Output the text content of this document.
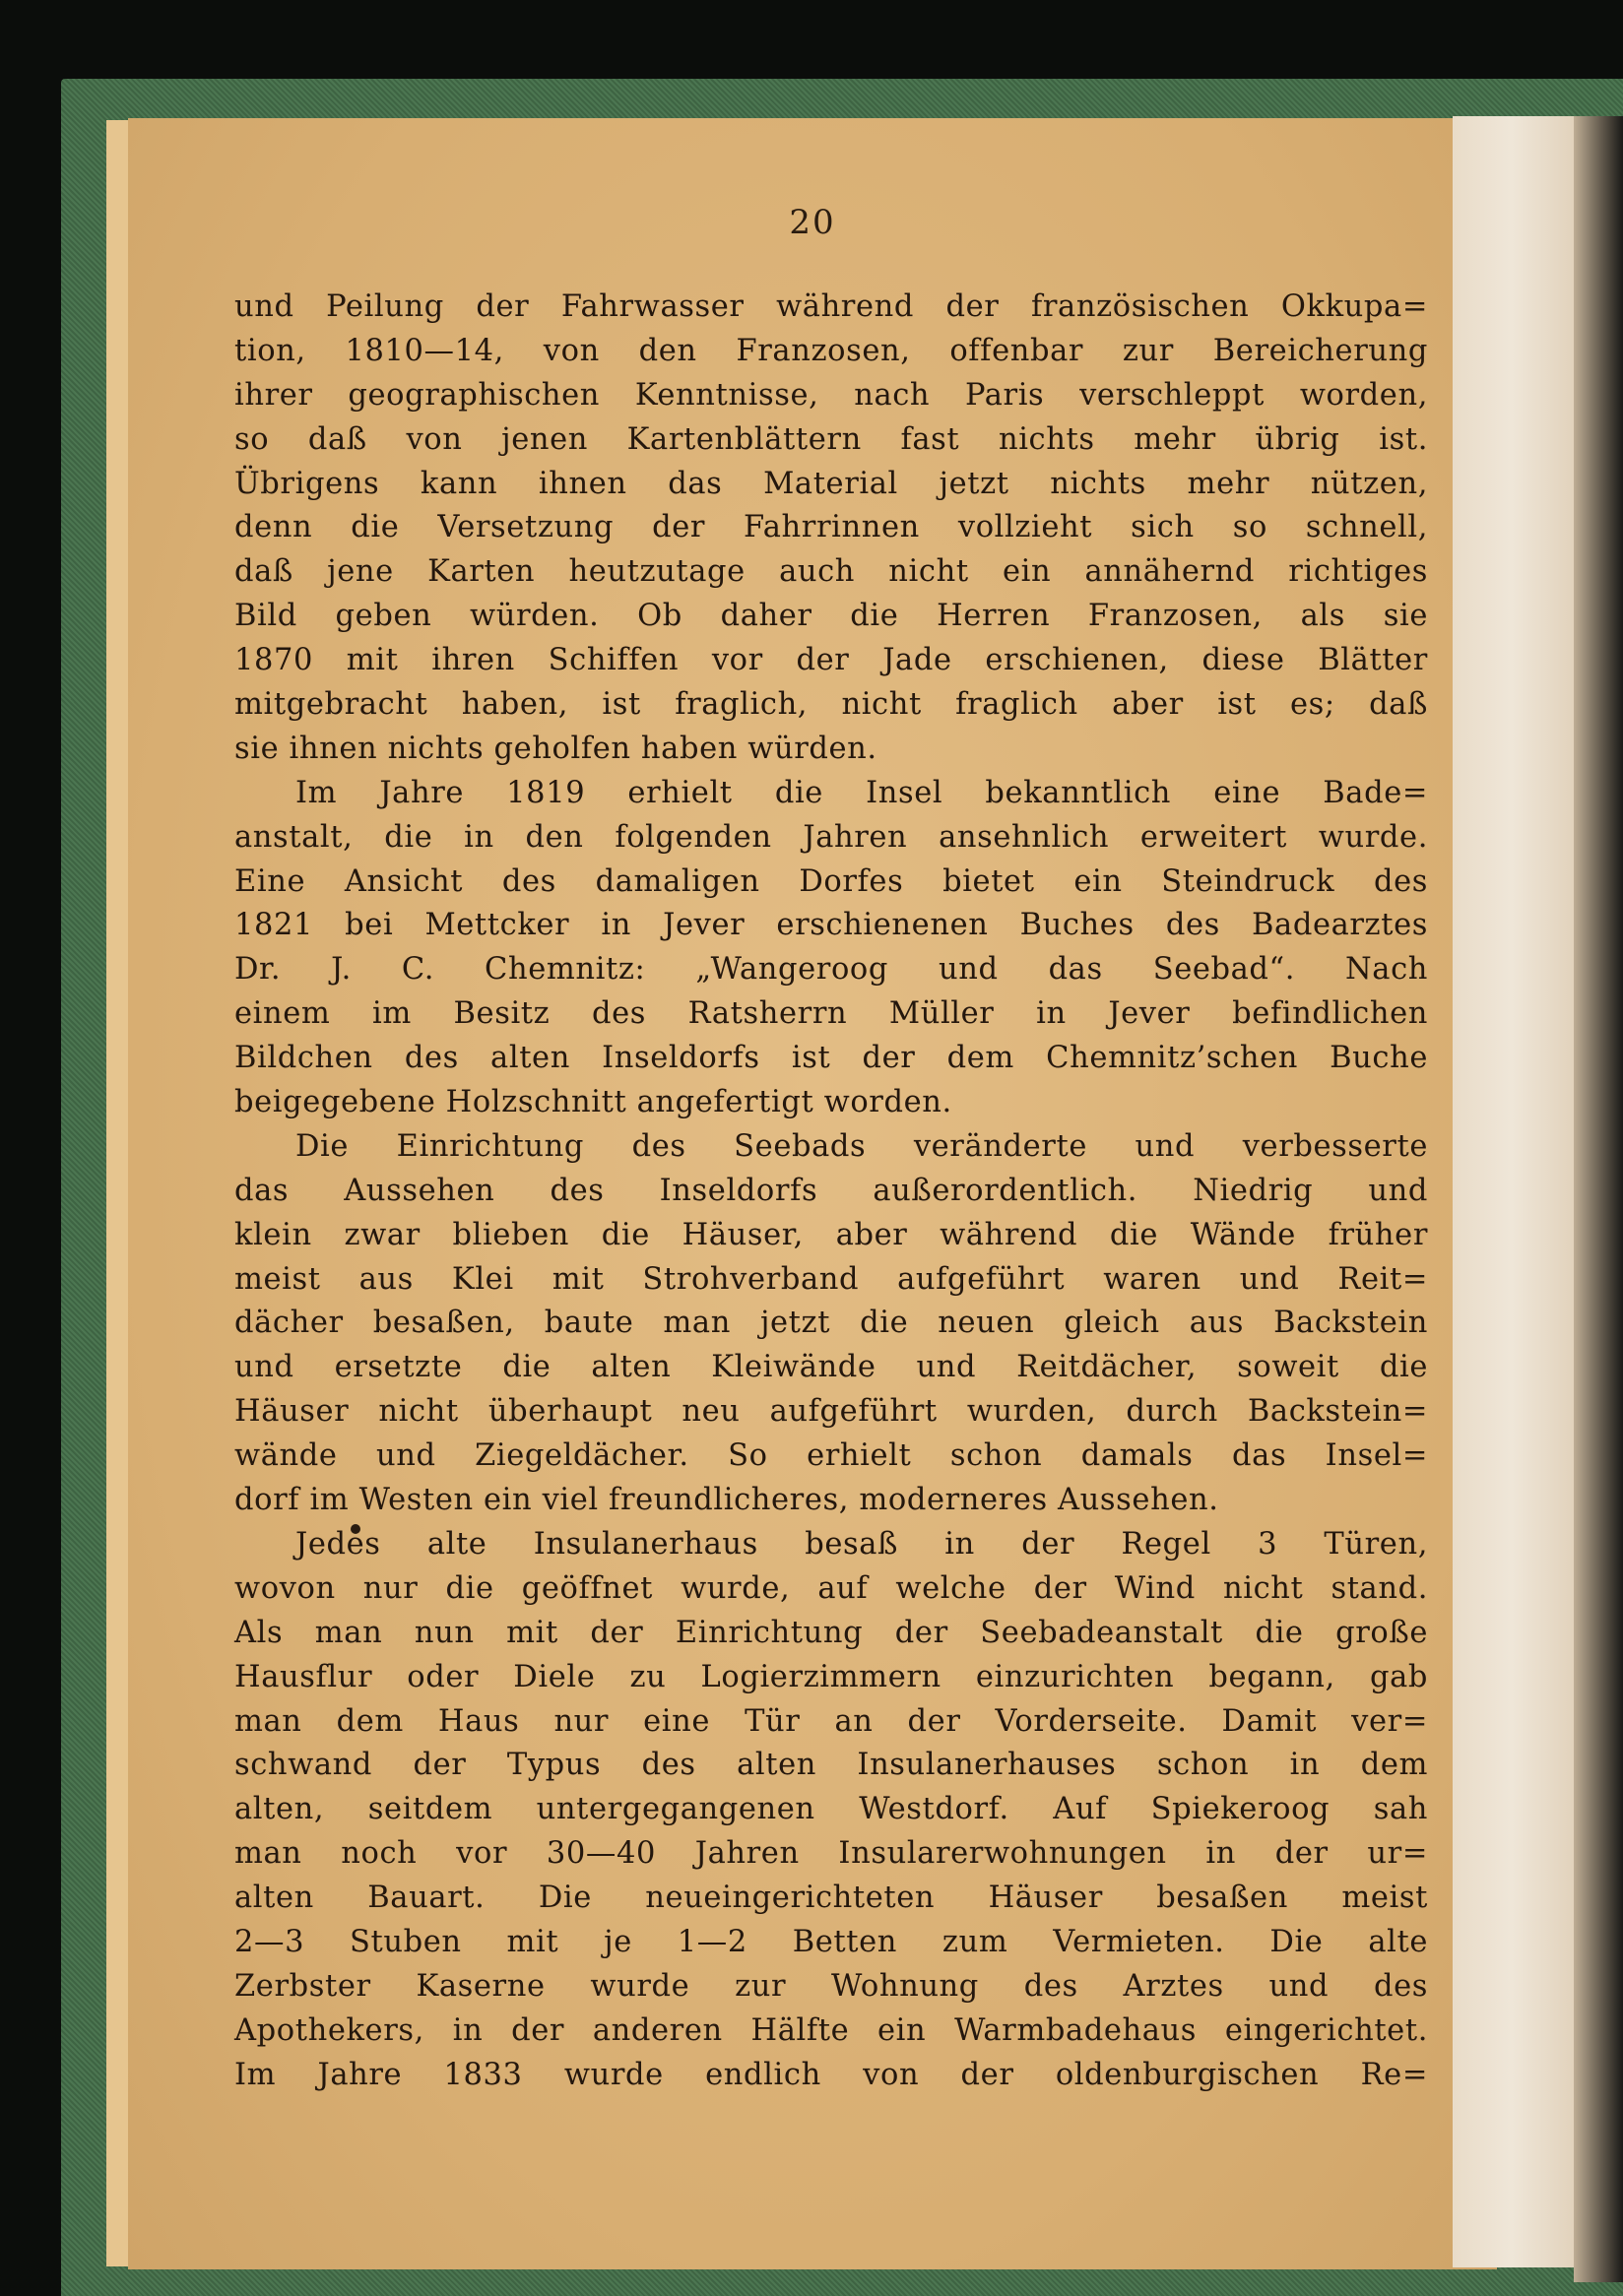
20
und Peilung der Fahrwasser während der französischen Okkupa=
tion, 1810—14, von den Franzosen, offenbar zur Bereicherung
ihrer geographischen Kenntnisse, nach Paris verschleppt worden,
so daß von jenen Kartenblättern fast nichts mehr übrig ist.
Übrigens kann ihnen das Material jetzt nichts mehr nützen,
denn die Versetzung der Fahrrinnen vollzieht sich so schnell,
daß jene Karten heutzutage auch nicht ein annähernd richtiges
Bild geben würden. Ob daher die Herren Franzosen, als sie
1870 mit ihren Schiffen vor der Jade erschienen, diese Blätter
mitgebracht haben, ist fraglich, nicht fraglich aber ist es; daß
sie ihnen nichts geholfen haben würden.
Im Jahre 1819 erhielt die Insel bekanntlich eine Bade=
anstalt, die in den folgenden Jahren ansehnlich erweitert wurde.
Eine Ansicht des damaligen Dorfes bietet ein Steindruck des
1821 bei Mettcker in Jever erschienenen Buches des Badearztes
Dr. J. C. Chemnitz: „Wangeroog und das Seebad“. Nach
einem im Besitz des Ratsherrn Müller in Jever befindlichen
Bildchen des alten Inseldorfs ist der dem Chemnitz’schen Buche
beigegebene Holzschnitt angefertigt worden.
Die Einrichtung des Seebads veränderte und verbesserte
das Aussehen des Inseldorfs außerordentlich. Niedrig und
klein zwar blieben die Häuser, aber während die Wände früher
meist aus Klei mit Strohverband aufgeführt waren und Reit=
dächer besaßen, baute man jetzt die neuen gleich aus Backstein
und ersetzte die alten Kleiwände und Reitdächer, soweit die
Häuser nicht überhaupt neu aufgeführt wurden, durch Backstein=
wände und Ziegeldächer. So erhielt schon damals das Insel=
dorf im Westen ein viel freundlicheres, moderneres Aussehen.
Jedes alte Insulanerhaus besaß in der Regel 3 Türen,
wovon nur die geöffnet wurde, auf welche der Wind nicht stand.
Als man nun mit der Einrichtung der Seebadeanstalt die große
Hausflur oder Diele zu Logierzimmern einzurichten begann, gab
man dem Haus nur eine Tür an der Vorderseite. Damit ver=
schwand der Typus des alten Insulanerhauses schon in dem
alten, seitdem untergegangenen Westdorf. Auf Spiekeroog sah
man noch vor 30—40 Jahren Insularerwohnungen in der ur=
alten Bauart. Die neueingerichteten Häuser besaßen meist
2—3 Stuben mit je 1—2 Betten zum Vermieten. Die alte
Zerbster Kaserne wurde zur Wohnung des Arztes und des
Apothekers, in der anderen Hälfte ein Warmbadehaus eingerichtet.
Im Jahre 1833 wurde endlich von der oldenburgischen Re=
